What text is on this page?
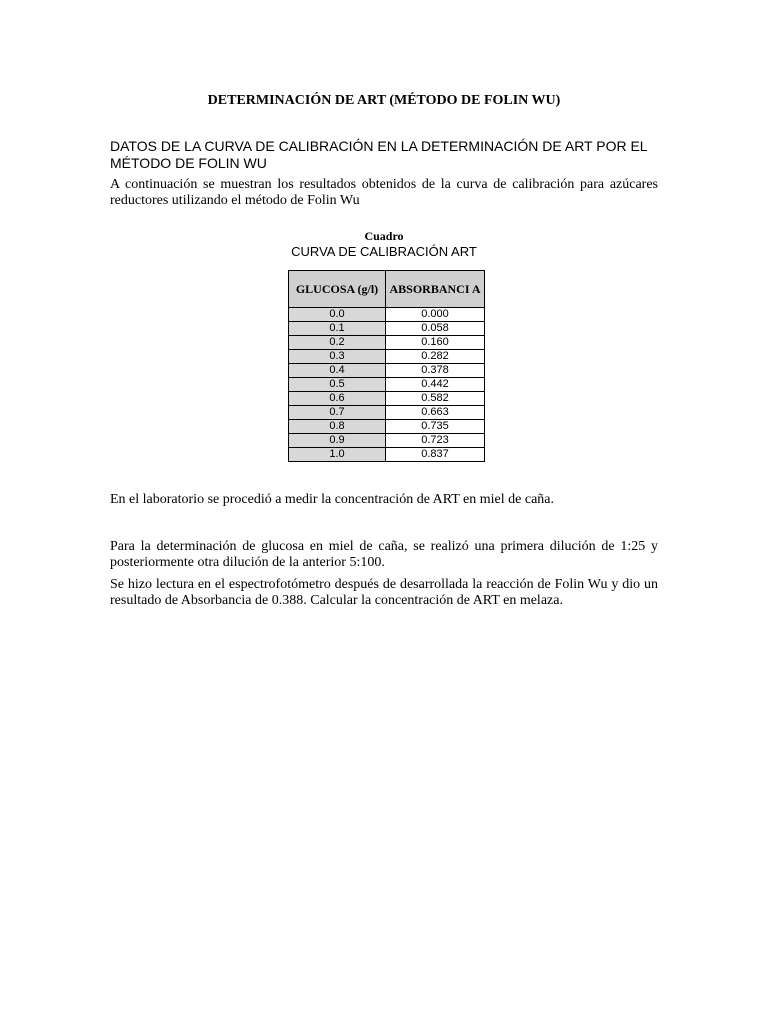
DETERMINACIÓN DE ART (MÉTODO DE FOLIN WU)
DATOS DE LA CURVA DE CALIBRACIÓN EN LA DETERMINACIÓN DE ART POR EL MÉTODO DE FOLIN WU
A continuación se muestran los resultados obtenidos de la curva de calibración para azúcares reductores utilizando el método de Folin Wu
Cuadro
CURVA DE CALIBRACIÓN ART
GLUCOSA (g/l)	ABSORBANCI A
0.0	0.000
0.1	0.058
0.2	0.160
0.3	0.282
0.4	0.378
0.5	0.442
0.6	0.582
0.7	0.663
0.8	0.735
0.9	0.723
1.0	0.837
En el laboratorio se procedió a medir la concentración de ART en miel de caña.
Para la determinación de glucosa en miel de caña, se realizó una primera dilución de 1:25 y posteriormente otra dilución de la anterior 5:100.
Se hizo lectura en el espectrofotómetro después de desarrollada la reacción de Folin Wu y dio un resultado de Absorbancia de 0.388. Calcular la concentración de ART en melaza.
